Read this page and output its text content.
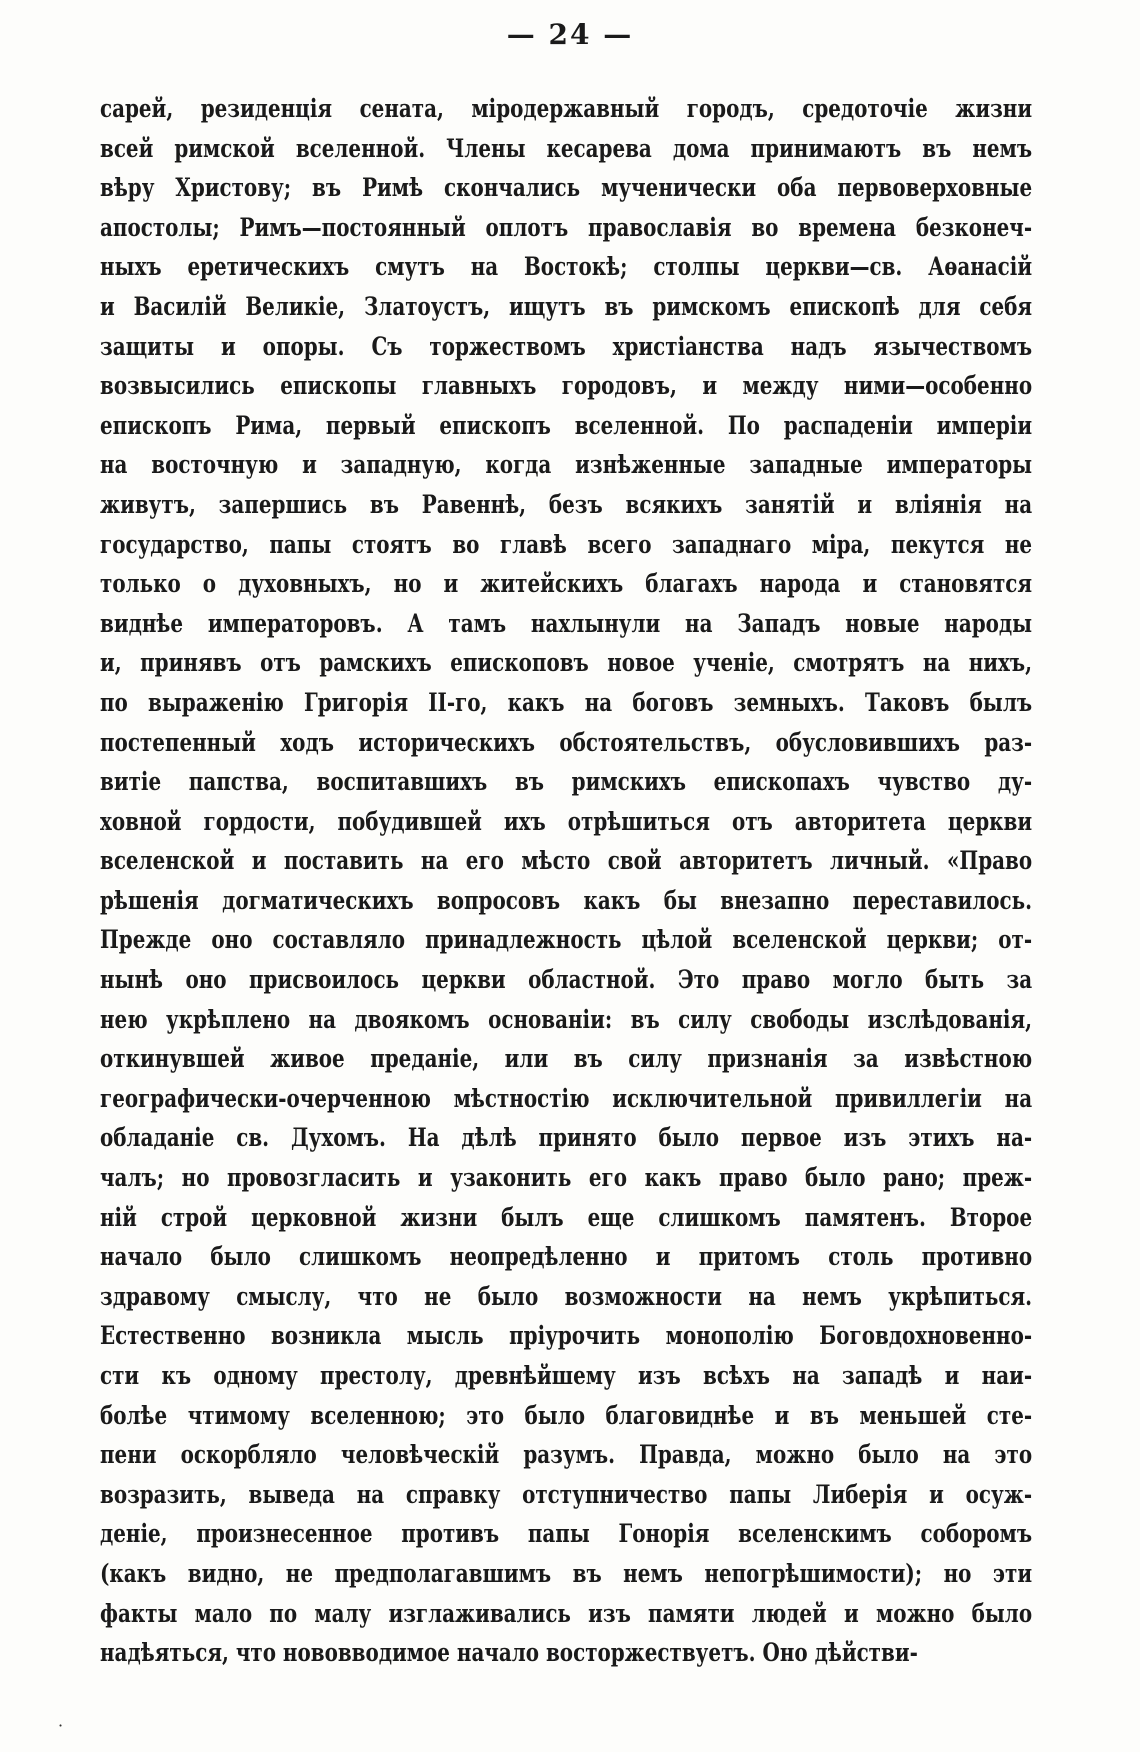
— 24 —
сарей, резиденція сената, міродержавный городъ, средоточіе жизни
всей римской вселенной. Члены кесарева дома принимаютъ въ немъ
вѣру Христову; въ Римѣ скончались мученически оба первоверховные
апостолы; Римъ—постоянный оплотъ православія во времена безконеч-
ныхъ еретическихъ смутъ на Востокѣ; столпы церкви—св. Аѳанасій
и Василій Великіе, Златоустъ, ищутъ въ римскомъ епископѣ для себя
защиты и опоры. Съ торжествомъ христіанства надъ язычествомъ
возвысились епископы главныхъ городовъ, и между ними—особенно
епископъ Рима, первый епископъ вселенной. По распаденіи имперіи
на восточную и западную, когда изнѣженные западные императоры
живутъ, запершись въ Равеннѣ, безъ всякихъ занятій и вліянія на
государство, папы стоятъ во главѣ всего западнаго міра, пекутся не
только о духовныхъ, но и житейскихъ благахъ народа и становятся
виднѣе императоровъ. А тамъ нахлынули на Западъ новые народы
и, принявъ отъ рамскихъ епископовъ новое ученіе, смотрятъ на нихъ,
по выраженію Григорія II-го, какъ на боговъ земныхъ. Таковъ былъ
постепенный ходъ историческихъ обстоятельствъ, обусловившихъ раз-
витіе папства, воспитавшихъ въ римскихъ епископахъ чувство ду-
ховной гордости, побудившей ихъ отрѣшиться отъ авторитета церкви
вселенской и поставить на его мѣсто свой авторитетъ личный. «Право
рѣшенія догматическихъ вопросовъ какъ бы внезапно переставилось.
Прежде оно составляло принадлежность цѣлой вселенской церкви; от-
нынѣ оно присвоилось церкви областной. Это право могло быть за
нею укрѣплено на двоякомъ основаніи: въ силу свободы изслѣдованія,
откинувшей живое преданіе, или въ силу признанія за извѣстною
географически-очерченною мѣстностію исключительной привиллегіи на
обладаніе св. Духомъ. На дѣлѣ принято было первое изъ этихъ на-
чалъ; но провозгласить и узаконить его какъ право было рано; преж-
ній строй церковной жизни былъ еще слишкомъ памятенъ. Второе
начало было слишкомъ неопредѣленно и притомъ столь противно
здравому смыслу, что не было возможности на немъ укрѣпиться.
Естественно возникла мысль пріурочить монополію Боговдохновенно-
сти къ одному престолу, древнѣйшему изъ всѣхъ на западѣ и наи-
болѣе чтимому вселенною; это было благовиднѣе и въ меньшей сте-
пени оскорбляло человѣческій разумъ. Правда, можно было на это
возразить, выведа на справку отступничество папы Либерія и осуж-
деніе, произнесенное противъ папы Гонорія вселенскимъ соборомъ
(какъ видно, не предполагавшимъ въ немъ непогрѣшимости); но эти
факты мало по малу изглаживались изъ памяти людей и можно было
надѣяться, что нововводимое начало восторжествуетъ. Оно дѣйстви-
·
